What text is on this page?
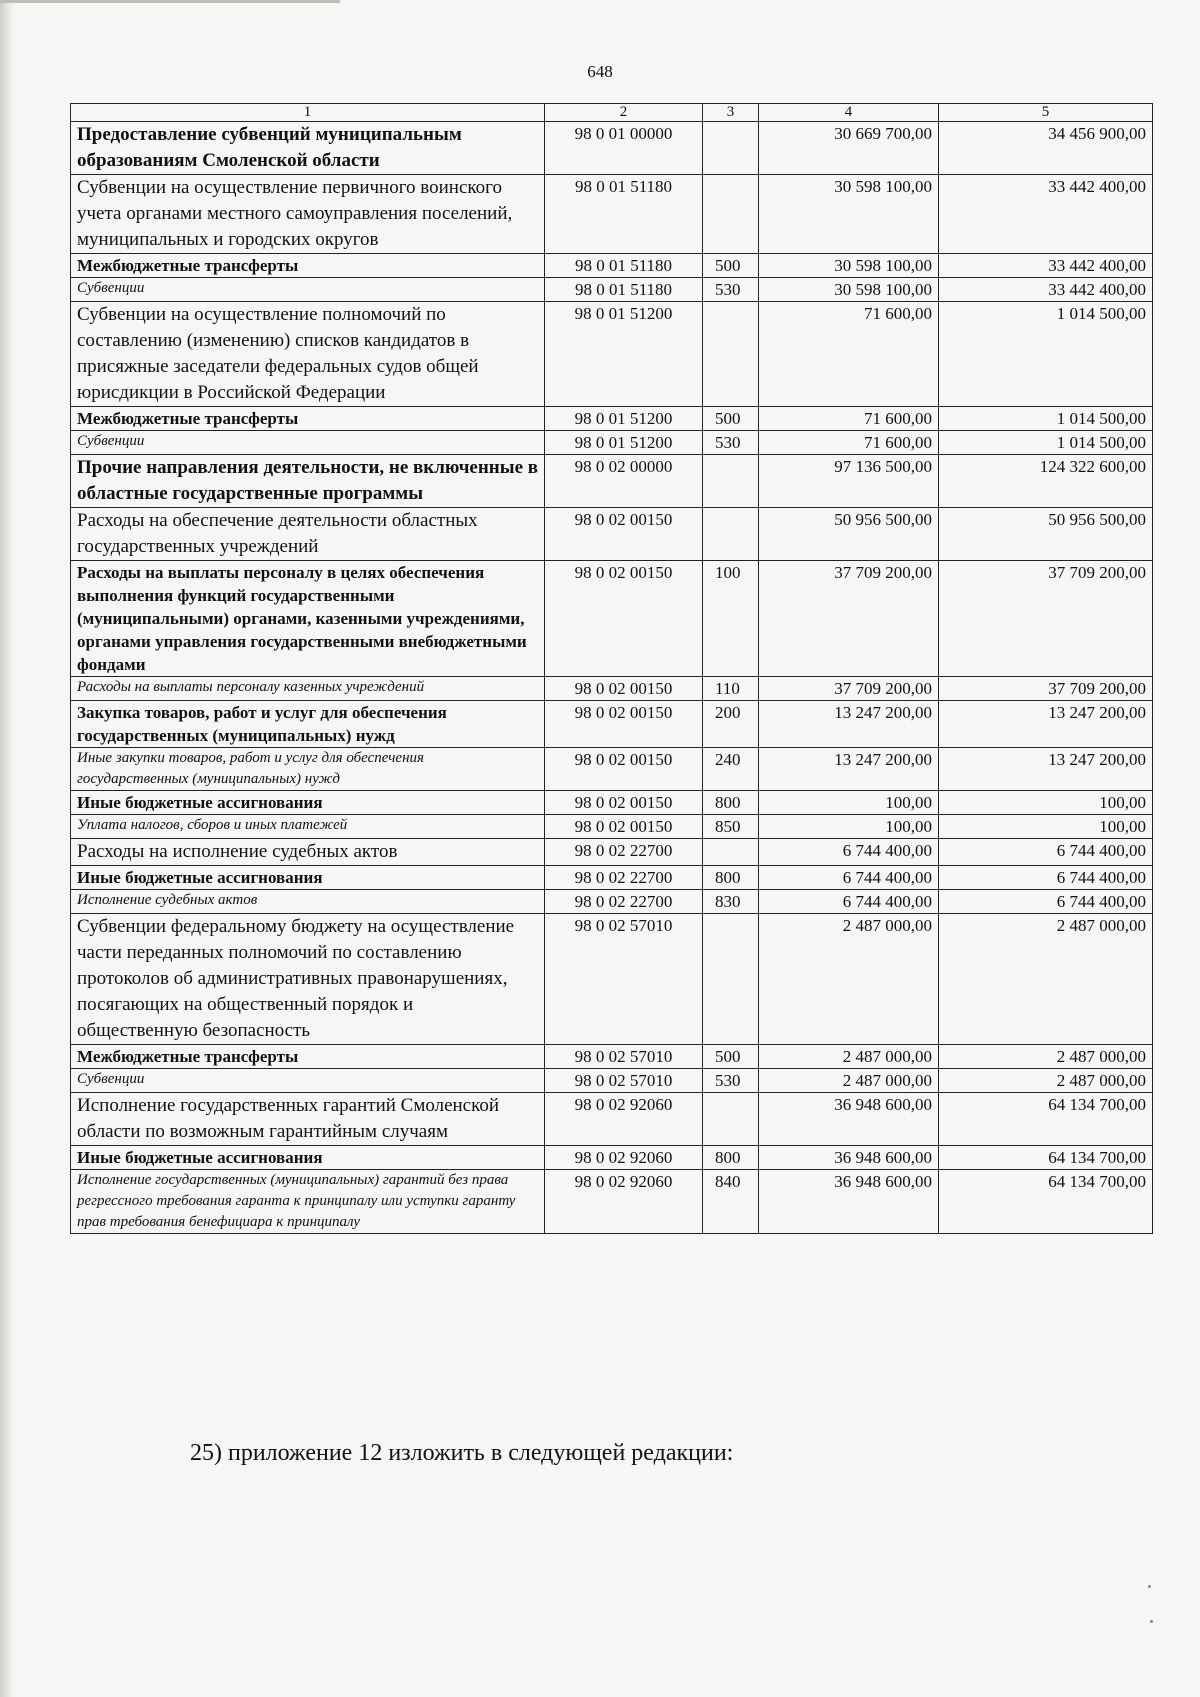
648
1	2	3	4	5
Предоставление субвенций муниципальным образованиям Смоленской области	98 0 01 00000		30 669 700,00	34 456 900,00
Субвенции на осуществление первичного воинского учета органами местного самоуправления поселений, муниципальных и городских округов	98 0 01 51180		30 598 100,00	33 442 400,00
Межбюджетные трансферты	98 0 01 51180	500	30 598 100,00	33 442 400,00
Субвенции	98 0 01 51180	530	30 598 100,00	33 442 400,00
Субвенции на осуществление полномочий по составлению (изменению) списков кандидатов в присяжные заседатели федеральных судов общей юрисдикции в Российской Федерации	98 0 01 51200		71 600,00	1 014 500,00
Межбюджетные трансферты	98 0 01 51200	500	71 600,00	1 014 500,00
Субвенции	98 0 01 51200	530	71 600,00	1 014 500,00
Прочие направления деятельности, не включенные в областные государственные программы	98 0 02 00000		97 136 500,00	124 322 600,00
Расходы на обеспечение деятельности областных государственных учреждений	98 0 02 00150		50 956 500,00	50 956 500,00
Расходы на выплаты персоналу в целях обеспечения выполнения функций государственными (муниципальными) органами, казенными учреждениями, органами управления государственными внебюджетными фондами	98 0 02 00150	100	37 709 200,00	37 709 200,00
Расходы на выплаты персоналу казенных учреждений	98 0 02 00150	110	37 709 200,00	37 709 200,00
Закупка товаров, работ и услуг для обеспечения государственных (муниципальных) нужд	98 0 02 00150	200	13 247 200,00	13 247 200,00
Иные закупки товаров, работ и услуг для обеспечения государственных (муниципальных) нужд	98 0 02 00150	240	13 247 200,00	13 247 200,00
Иные бюджетные ассигнования	98 0 02 00150	800	100,00	100,00
Уплата налогов, сборов и иных платежей	98 0 02 00150	850	100,00	100,00
Расходы на исполнение судебных актов	98 0 02 22700		6 744 400,00	6 744 400,00
Иные бюджетные ассигнования	98 0 02 22700	800	6 744 400,00	6 744 400,00
Исполнение судебных актов	98 0 02 22700	830	6 744 400,00	6 744 400,00
Субвенции федеральному бюджету на осуществление части переданных полномочий по составлению протоколов об административных правонарушениях, посягающих на общественный порядок и общественную безопасность	98 0 02 57010		2 487 000,00	2 487 000,00
Межбюджетные трансферты	98 0 02 57010	500	2 487 000,00	2 487 000,00
Субвенции	98 0 02 57010	530	2 487 000,00	2 487 000,00
Исполнение государственных гарантий Смоленской области по возможным гарантийным случаям	98 0 02 92060		36 948 600,00	64 134 700,00
Иные бюджетные ассигнования	98 0 02 92060	800	36 948 600,00	64 134 700,00
Исполнение государственных (муниципальных) гарантий без права регрессного требования гаранта к принципалу или уступки гаранту прав требования бенефициара к принципалу	98 0 02 92060	840	36 948 600,00	64 134 700,00
25) приложение 12 изложить в следующей редакции:
